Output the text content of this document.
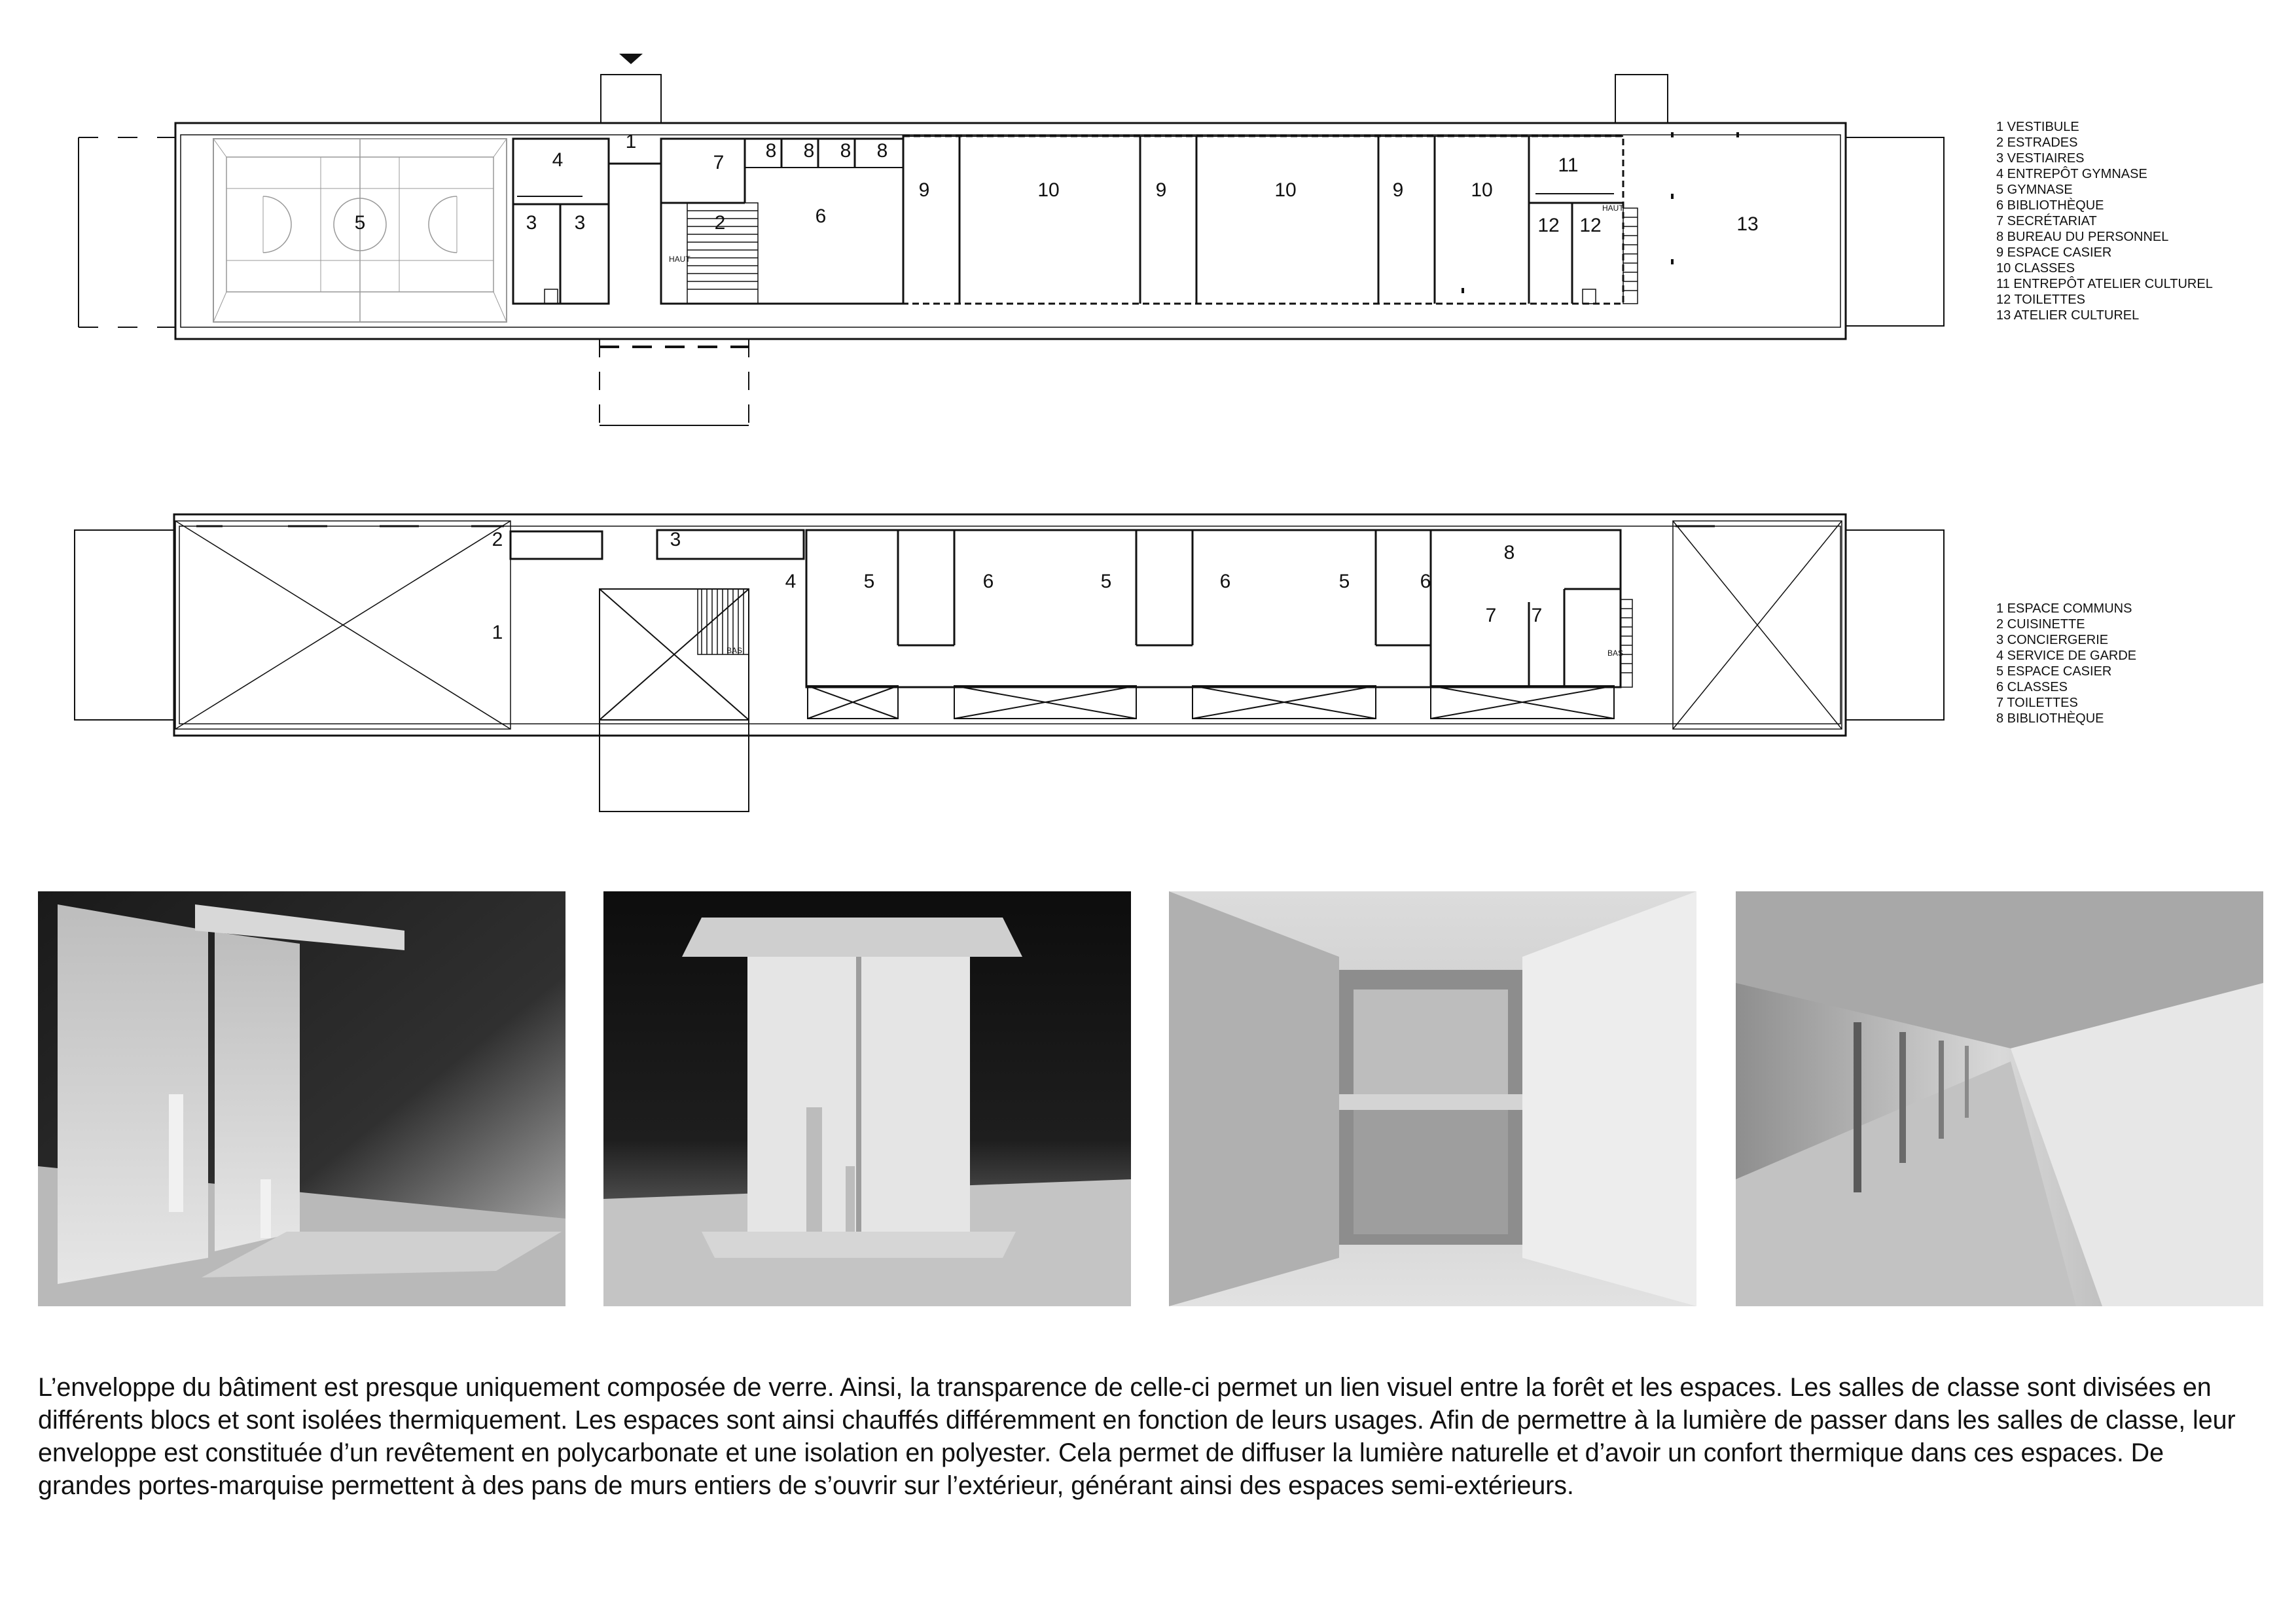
1
2
3 3
4
5	6
7
8 8 8 8
9	9	9
10	10	10
11
12 12	13
HAUT
HAUT
1 VESTIBULE
2 ESTRADES
3 VESTIAIRES
4 ENTREPÔT GYMNASE
5 GYMNASE
6 BIBLIOTHÈQUE
7 SECRÉTARIAT
8 BUREAU DU PERSONNEL
9 ESPACE CASIER
10 CLASSES
11 ENTREPÔT ATELIER CULTUREL
12 TOILETTES
13 ATELIER CULTUREL
1
2	3
4	5	6	5	6	5	6
7 7
8
BAS	BAS
1 ESPACE COMMUNS
2 CUISINETTE
3 CONCIERGERIE
4 SERVICE DE GARDE
5 ESPACE CASIER
6 CLASSES
7 TOILETTES
8 BIBLIOTHÈQUE

L’enveloppe du bâtiment est presque uniquement composée de verre. Ainsi, la transparence de celle-ci permet un lien visuel entre la forêt et les espaces. Les salles de classe sont divisées en différents blocs et sont isolées thermiquement. Les espaces sont ainsi chauffés différemment en fonction de leurs usages. Afin de permettre à la lumière de passer dans les salles de classe, leur enveloppe est constituée d’un revêtement en polycarbonate et une isolation en polyester. Cela permet de diffuser la lumière naturelle et d’avoir un confort thermique dans ces espaces. De grandes portes-marquise permettent à des pans de murs entiers de s’ouvrir sur l’extérieur, générant ainsi des espaces semi-extérieurs.
